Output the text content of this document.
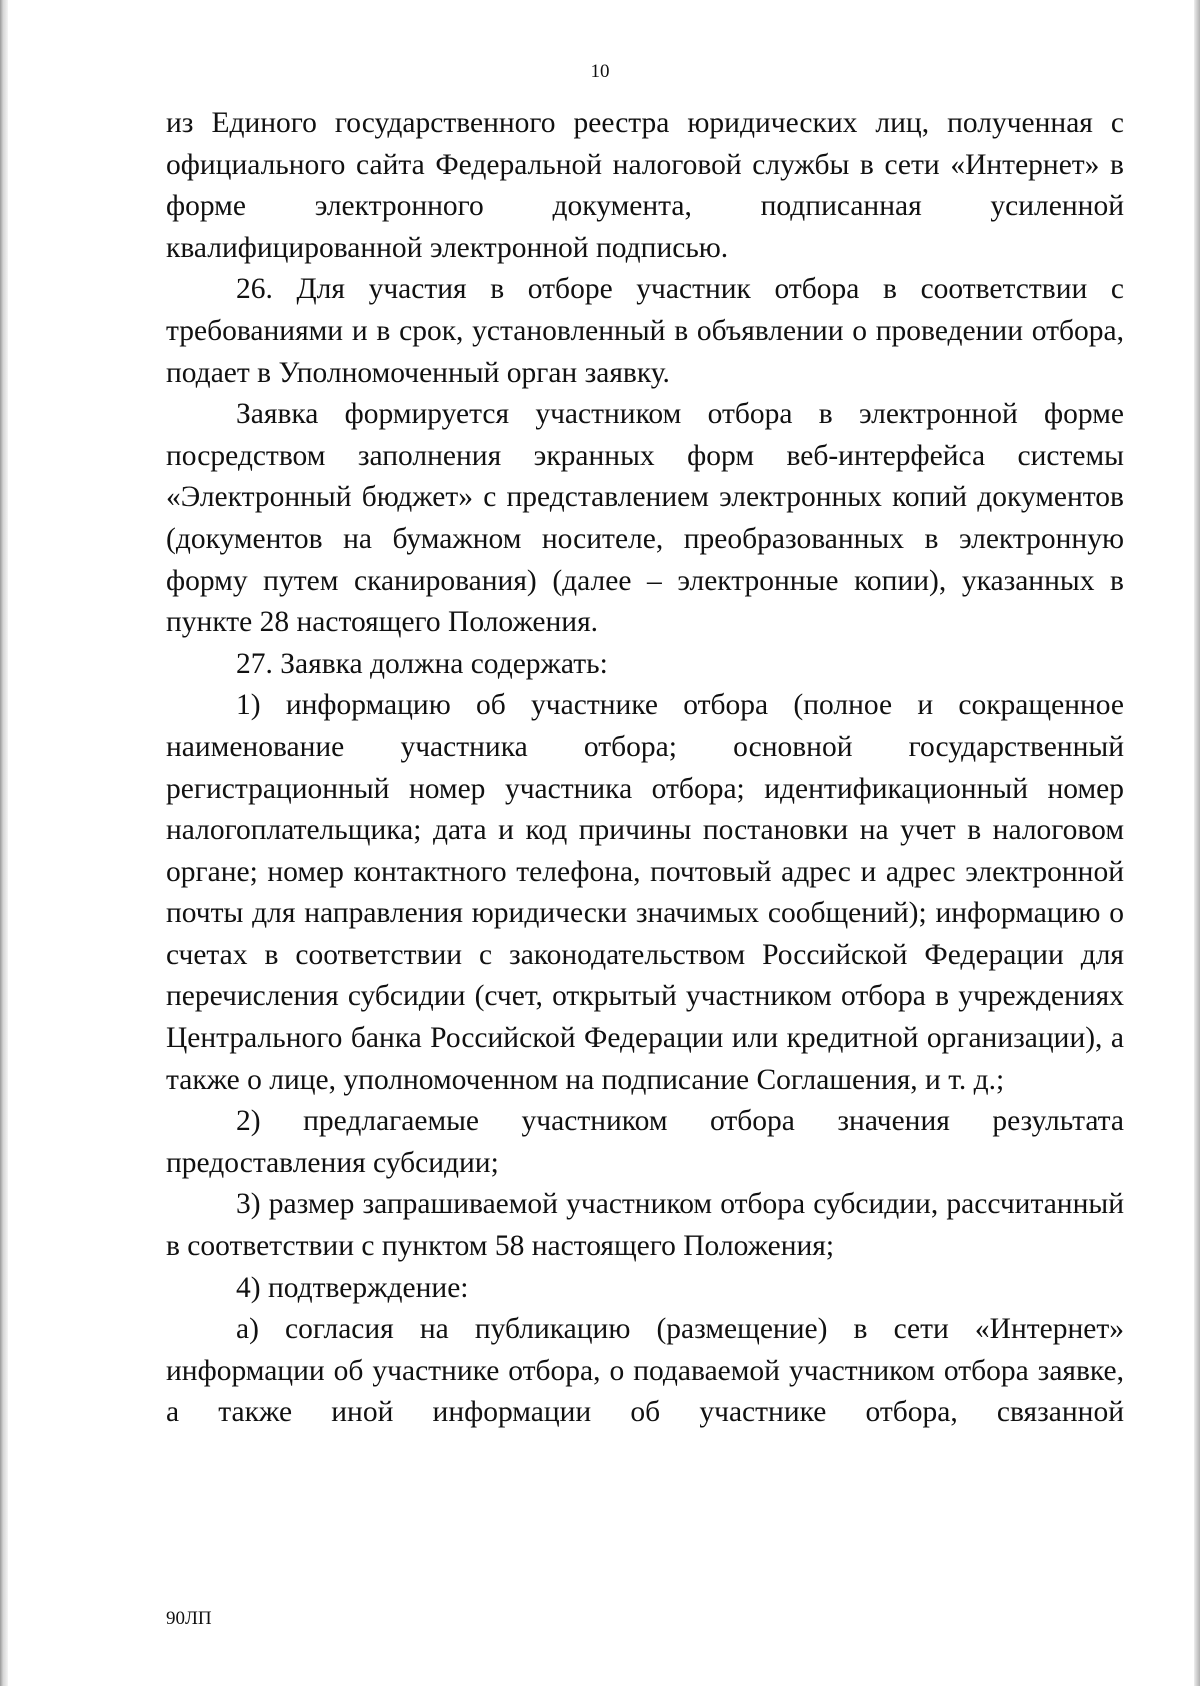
10

из Единого государственного реестра юридических лиц, полученная с официального сайта Федеральной налоговой службы в сети «Интернет» в форме электронного документа, подписанная усиленной квалифицированной электронной подписью.

26. Для участия в отборе участник отбора в соответствии с требованиями и в срок, установленный в объявлении о проведении отбора, подает в Уполномоченный орган заявку.

Заявка формируется участником отбора в электронной форме посредством заполнения экранных форм веб-интерфейса системы «Электронный бюджет» с представлением электронных копий документов (документов на бумажном носителе, преобразованных в электронную форму путем сканирования) (далее – электронные копии), указанных в пункте 28 настоящего Положения.

27. Заявка должна содержать:

1) информацию об участнике отбора (полное и сокращенное наименование участника отбора; основной государственный регистрационный номер участника отбора; идентификационный номер налогоплательщика; дата и код причины постановки на учет в налоговом органе; номер контактного телефона, почтовый адрес и адрес электронной почты для направления юридически значимых сообщений); информацию о счетах в соответствии с законодательством Российской Федерации для перечисления субсидии (счет, открытый участником отбора в учреждениях Центрального банка Российской Федерации или кредитной организации), а также о лице, уполномоченном на подписание Соглашения, и т. д.;

2) предлагаемые участником отбора значения результата предоставления субсидии;

3) размер запрашиваемой участником отбора субсидии, рассчитанный в соответствии с пунктом 58 настоящего Положения;

4) подтверждение:

а) согласия на публикацию (размещение) в сети «Интернет» информации об участнике отбора, о подаваемой участником отбора заявке, а также иной информации об участнике отбора, связанной

90ЛП
